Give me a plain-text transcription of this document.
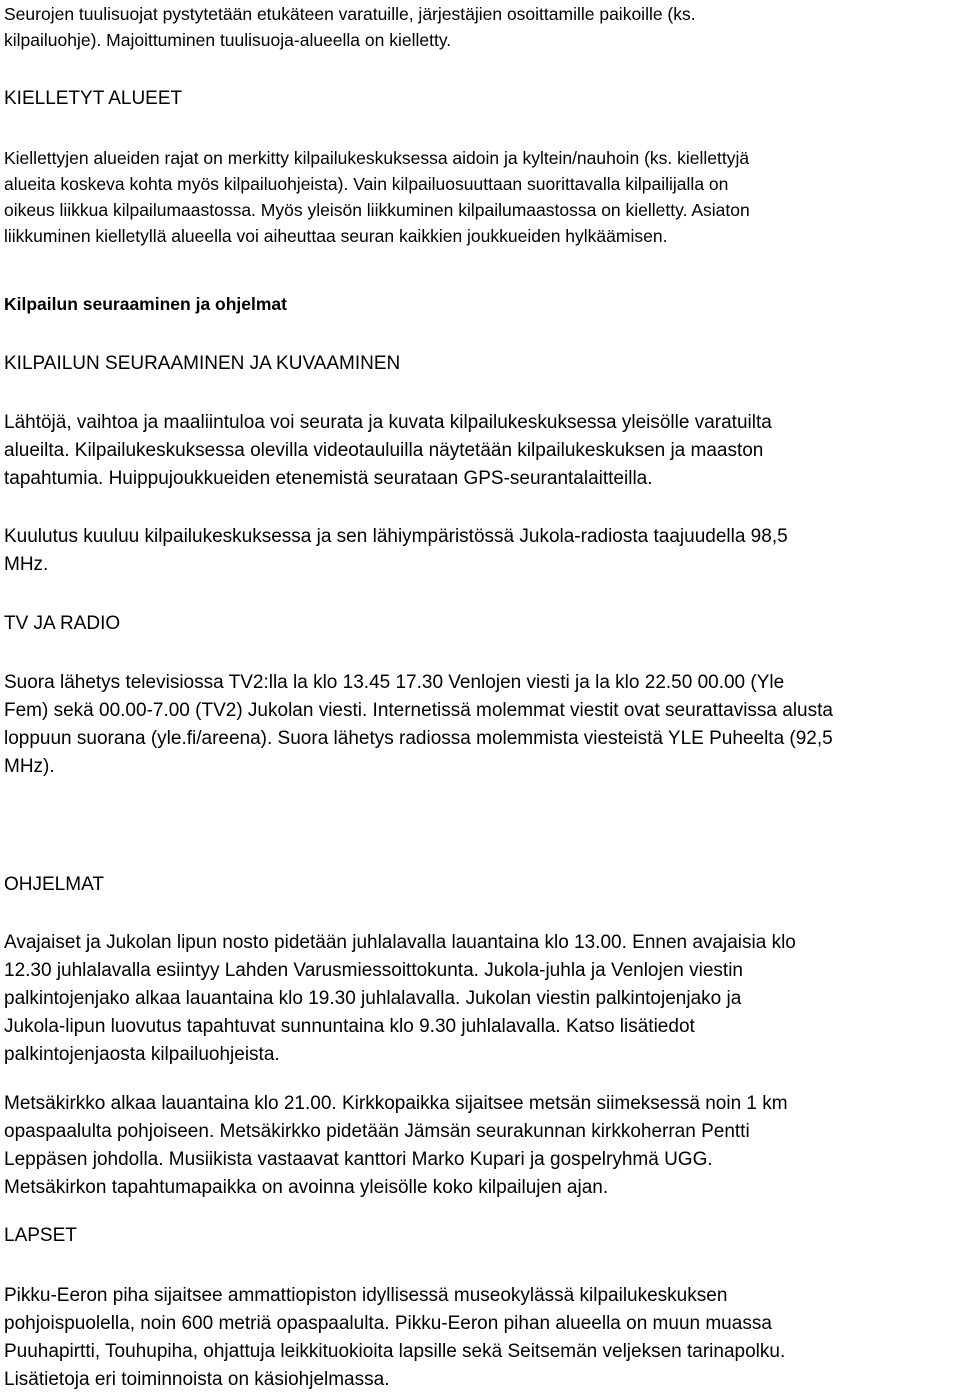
Seurojen tuulisuojat pystytetään etukäteen varatuille, järjestäjien osoittamille paikoille (ks.
kilpailuohje). Majoittuminen tuulisuoja-alueella on kielletty.
KIELLETYT ALUEET
Kiellettyjen alueiden rajat on merkitty kilpailukeskuksessa aidoin ja kyltein/nauhoin (ks. kiellettyjä
alueita koskeva kohta myös kilpailuohjeista). Vain kilpailuosuuttaan suorittavalla kilpailijalla on
oikeus liikkua kilpailumaastossa. Myös yleisön liikkuminen kilpailumaastossa on kielletty. Asiaton
liikkuminen kielletyllä alueella voi aiheuttaa seuran kaikkien joukkueiden hylkäämisen.
Kilpailun seuraaminen ja ohjelmat
KILPAILUN SEURAAMINEN JA KUVAAMINEN
Lähtöjä, vaihtoa ja maaliintuloa voi seurata ja kuvata kilpailukeskuksessa yleisölle varatuilta
alueilta. Kilpailukeskuksessa olevilla videotauluilla näytetään kilpailukeskuksen ja maaston
tapahtumia. Huippujoukkueiden etenemistä seurataan GPS-seurantalaitteilla.
Kuulutus kuuluu kilpailukeskuksessa ja sen lähiympäristössä Jukola-radiosta taajuudella 98,5
MHz.
TV JA RADIO
Suora lähetys televisiossa TV2:lla la klo 13.45 17.30 Venlojen viesti ja la klo 22.50 00.00 (Yle
Fem) sekä 00.00-7.00 (TV2) Jukolan viesti. Internetissä molemmat viestit ovat seurattavissa alusta
loppuun suorana (yle.fi/areena). Suora lähetys radiossa molemmista viesteistä YLE Puheelta (92,5
MHz).
OHJELMAT
Avajaiset ja Jukolan lipun nosto pidetään juhlalavalla lauantaina klo 13.00. Ennen avajaisia klo
12.30 juhlalavalla esiintyy Lahden Varusmiessoittokunta. Jukola-juhla ja Venlojen viestin
palkintojenjako alkaa lauantaina klo 19.30 juhlalavalla. Jukolan viestin palkintojenjako ja
Jukola-lipun luovutus tapahtuvat sunnuntaina klo 9.30 juhlalavalla. Katso lisätiedot
palkintojenjaosta kilpailuohjeista.
Metsäkirkko alkaa lauantaina klo 21.00. Kirkkopaikka sijaitsee metsän siimeksessä noin 1 km
opaspaalulta pohjoiseen. Metsäkirkko pidetään Jämsän seurakunnan kirkkoherran Pentti
Leppäsen johdolla. Musiikista vastaavat kanttori Marko Kupari ja gospelryhmä UGG.
Metsäkirkon tapahtumapaikka on avoinna yleisölle koko kilpailujen ajan.
LAPSET
Pikku-Eeron piha sijaitsee ammattiopiston idyllisessä museokylässä kilpailukeskuksen
pohjoispuolella, noin 600 metriä opaspaalulta. Pikku-Eeron pihan alueella on muun muassa
Puuhapirtti, Touhupiha, ohjattuja leikkituokioita lapsille sekä Seitsemän veljeksen tarinapolku.
Lisätietoja eri toiminnoista on käsiohjelmassa.
